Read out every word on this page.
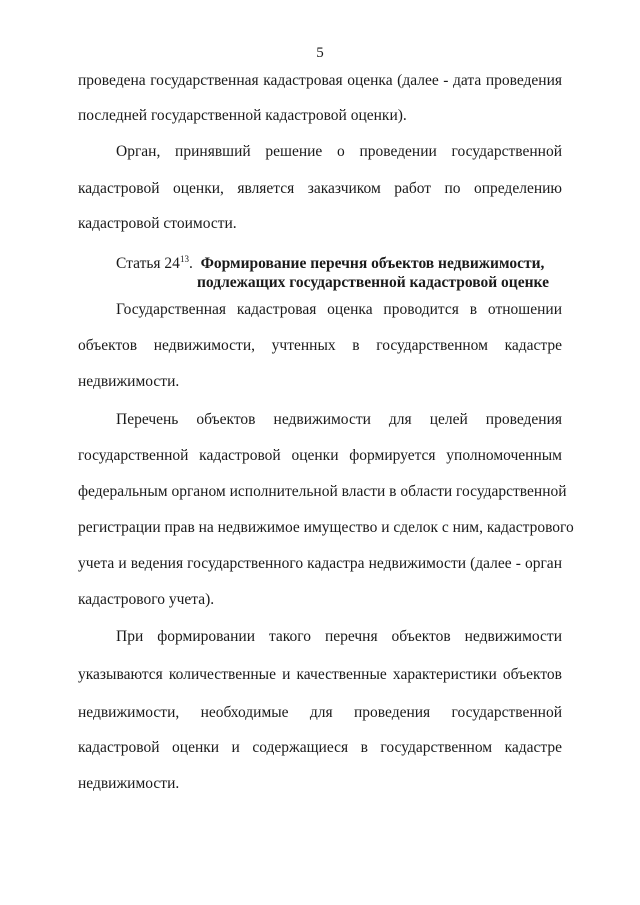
5
проведена государственная кадастровая оценка (далее - дата проведения
последней государственной кадастровой оценки).
Орган, принявший решение о проведении государственной
кадастровой оценки, является заказчиком работ по определению
кадастровой стоимости.
Статья $24^{13}$. Формирование перечня объектов недвижимости,
подлежащих государственной кадастровой оценке
Государственная кадастровая оценка проводится в отношении
объектов недвижимости, учтенных в государственном кадастре
недвижимости.
Перечень объектов недвижимости для целей проведения
государственной кадастровой оценки формируется уполномоченным
федеральным органом исполнительной власти в области государственной
регистрации прав на недвижимое имущество и сделок с ним, кадастрового
учета и ведения государственного кадастра недвижимости (далее - орган
кадастрового учета).
При формировании такого перечня объектов недвижимости
указываются количественные и качественные характеристики объектов
недвижимости, необходимые для проведения государственной
кадастровой оценки и содержащиеся в государственном кадастре
недвижимости.
